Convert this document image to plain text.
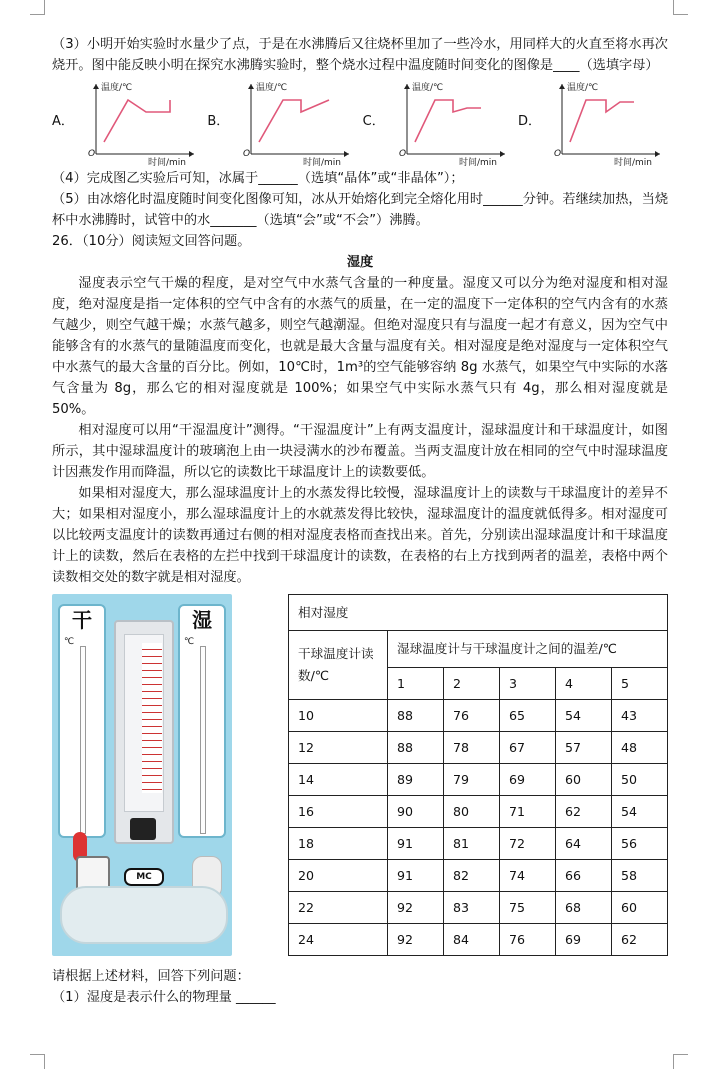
（3）小明开始实验时水量少了点，于是在水沸腾后又往烧杯里加了一些冷水，用同样大的火直至将水再次烧开。图中能反映小明在探究水沸腾实验时，整个烧水过程中温度随时间变化的图像是____（选填字母）

A．
温度/℃
时间/min
O
B．
温度/℃
时间/min
O
C．
温度/℃
时间/min
O
D．
温度/℃
时间/min
O

（4）完成图乙实验后可知，冰属于______（选填“晶体”或“非晶体”）；

（5）由冰熔化时温度随时间变化图像可知，冰从开始熔化到完全熔化用时______分钟。若继续加热，当烧杯中水沸腾时，试管中的水_______（选填“会”或“不会”）沸腾。

26．（10分）阅读短文回答问题。

湿度

湿度表示空气干燥的程度，是对空气中水蒸气含量的一种度量。湿度又可以分为绝对湿度和相对湿度，绝对湿度是指一定体积的空气中含有的水蒸气的质量，在一定的温度下一定体积的空气内含有的水蒸气越少，则空气越干燥；水蒸气越多，则空气越潮湿。但绝对湿度只有与温度一起才有意义，因为空气中能够含有的水蒸气的量随温度而变化，也就是最大含量与温度有关。相对湿度是绝对湿度与一定体积空气中水蒸气的最大含量的百分比。例如，10℃时，1m³的空气能够容纳 8g 水蒸气，如果空气中实际的水落气含量为 8g，那么它的相对湿度就是 100%；如果空气中实际水蒸气只有 4g，那么相对湿度就是 50%。

相对湿度可以用“干湿温度计”测得。“干湿温度计”上有两支温度计，湿球温度计和干球温度计，如图所示，其中湿球温度计的玻璃泡上由一块浸满水的沙布覆盖。当两支温度计放在相同的空气中时湿球温度计因燕发作用而降温，所以它的读数比干球温度计上的读数要低。

如果相对湿度大，那么湿球温度计上的水蒸发得比较慢，湿球温度计上的读数与干球温度计的差异不大；如果相对湿度小，那么湿球温度计上的水就蒸发得比较快，湿球温度计的温度就低得多。相对湿度可以比较两支温度计的读数再通过右侧的相对湿度表格而查找出来。首先，分别读出湿球温度计和干球温度计上的读数，然后在表格的左拦中找到干球温度计的读数，在表格的右上方找到两者的温差，表格中两个读数相交处的数字就是相对湿度。

干
℃
湿
℃
MC
相对湿度					
干球温度计读数/℃	湿球温度计与干球温度计之间的温差/℃				
	1	2	3	4	5
10	88	76	65	54	43
12	88	78	67	57	48
14	89	79	69	60	50
16	90	80	71	62	54
18	91	81	72	64	56
20	91	82	74	66	58
22	92	83	75	68	60
24	92	84	76	69	62

请根据上述材料，回答下列问题：

（1）湿度是表示什么的物理量 ______
